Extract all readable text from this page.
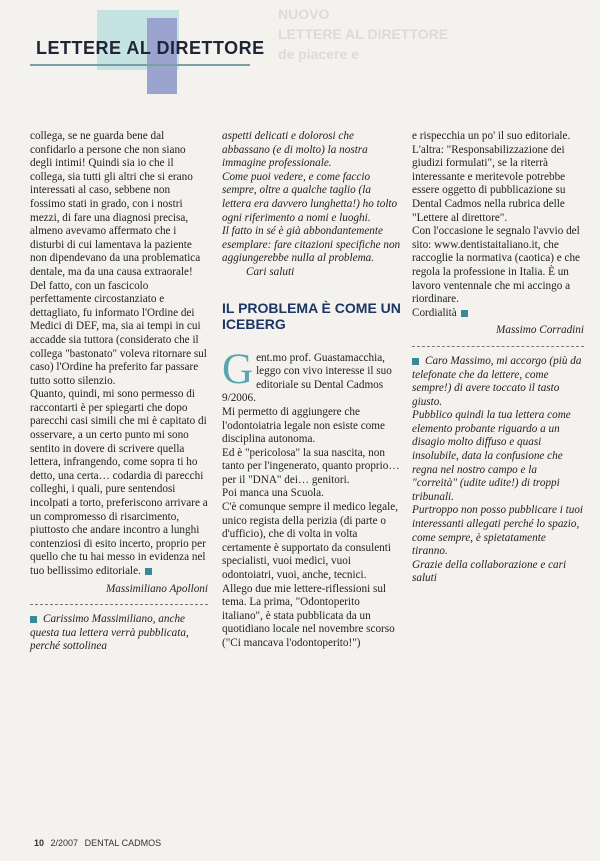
NUOVO
LETTERE AL DIRETTORE
de piacere e
LETTERE AL DIRETTORE

collega, se ne guarda bene dal confidarlo a persone che non siano degli intimi! Quindi sia io che il collega, sia tutti gli altri che si erano interessati al caso, sebbene non fossimo stati in grado, con i nostri mezzi, di fare una diagnosi precisa, almeno avevamo affermato che i disturbi di cui lamentava la paziente non dipendevano da una problematica dentale, ma da una causa extraorale!

Del fatto, con un fascicolo perfettamente circostanziato e dettagliato, fu informato l'Ordine dei Medici di DEF, ma, sia ai tempi in cui accadde sia tuttora (considerato che il collega "bastonato" voleva ritornare sul caso) l'Ordine ha preferito far passare tutto sotto silenzio.

Quanto, quindi, mi sono permesso di raccontarti è per spiegarti che dopo parecchi casi simili che mi è capitato di osservare, a un certo punto mi sono sentito in dovere di scrivere quella lettera, infrangendo, come sopra ti ho detto, una certa… codardia di parecchi colleghi, i quali, pure sentendosi incolpati a torto, preferiscono arrivare a un compromesso di risarcimento, piuttosto che andare incontro a lunghi contenziosi di esito incerto, proprio per quello che tu hai messo in evidenza nel tuo bellissimo editoriale.

Massimiliano Apolloni

Carissimo Massimiliano, anche questa tua lettera verrà pubblicata, perché sottolinea

aspetti delicati e dolorosi che abbassano (e di molto) la nostra immagine professionale.

Come puoi vedere, e come faccio sempre, oltre a qualche taglio (la lettera era davvero lunghetta!) ho tolto ogni riferimento a nomi e luoghi.

Il fatto in sé è già abbondantemente esemplare: fare citazioni specifiche non aggiungerebbe nulla al problema.

Cari saluti

IL PROBLEMA È COME UN ICEBERG
G ent.mo prof. Guastamacchia,

leggo con vivo interesse il suo editoriale su Dental Cadmos 9/2006.

Mi permetto di aggiungere che l'odontoiatria legale non esiste come disciplina autonoma.

Ed è "pericolosa" la sua nascita, non tanto per l'ingenerato, quanto proprio… per il "DNA" dei… genitori.

Poi manca una Scuola.

C'è comunque sempre il medico legale, unico regista della perizia (di parte o d'ufficio), che di volta in volta certamente è supportato da consulenti specialisti, vuoi medici, vuoi odontoiatri, vuoi, anche, tecnici.

Allego due mie lettere-riflessioni sul tema. La prima, "Odontoperito italiano", è stata pubblicata da un quotidiano locale nel novembre scorso ("Ci mancava l'odontoperito!")

e rispecchia un po' il suo editoriale. L'altra: "Responsabilizzazione dei giudizi formulati", se la riterrà interessante e meritevole potrebbe essere oggetto di pubblicazione su Dental Cadmos nella rubrica delle "Lettere al direttore".

Con l'occasione le segnalo l'avvio del sito: www.dentistaitaliano.it, che raccoglie la normativa (caotica) e che regola la professione in Italia. È un lavoro ventennale che mi accingo a riordinare.

Cordialità

Massimo Corradini

Caro Massimo, mi accorgo (più da telefonate che da lettere, come sempre!) di avere toccato il tasto giusto.

Pubblico quindi la tua lettera come elemento probante riguardo a un disagio molto diffuso e quasi insolubile, data la confusione che regna nel nostro campo e la "correità" (udite udite!) di troppi tribunali.

Purtroppo non posso pubblicare i tuoi interessanti allegati perché lo spazio, come sempre, è spietatamente tiranno.

Grazie della collaborazione e cari saluti

10 2/2007 DENTAL CADMOS
